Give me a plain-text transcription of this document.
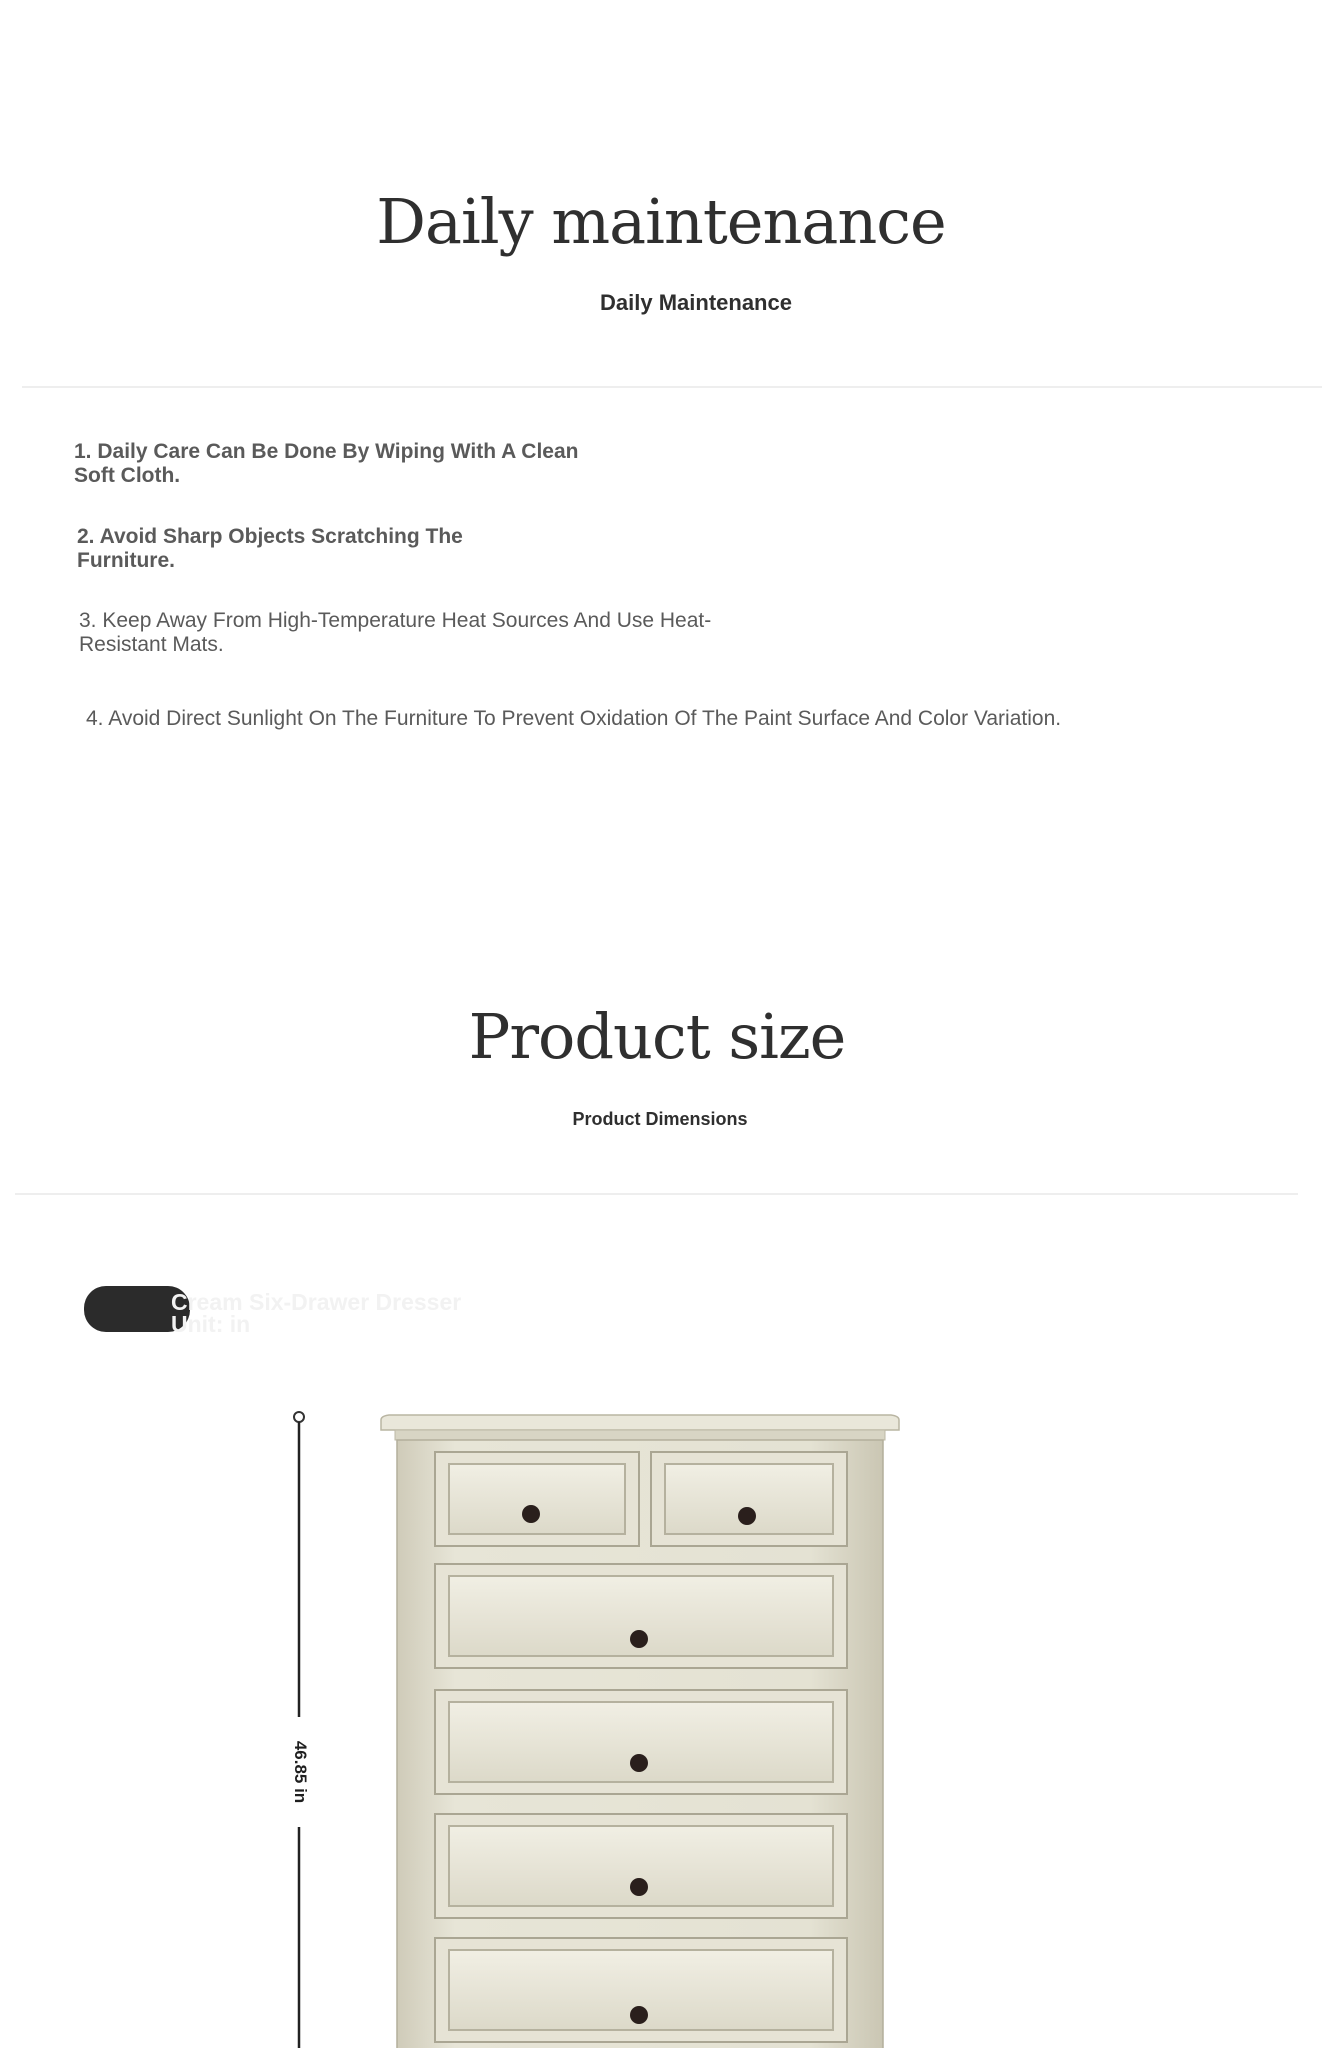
Daily maintenance
Daily Maintenance
1. Daily Care Can Be Done By Wiping With A Clean Soft Cloth.
2. Avoid Sharp Objects Scratching The Furniture.
3. Keep Away From High-Temperature Heat Sources And Use Heat-Resistant Mats.
4. Avoid Direct Sunlight On The Furniture To Prevent Oxidation Of The Paint Surface And Color Variation.
Product size
Product Dimensions
Cream Six-Drawer Dresser
Unit: in
46.85 in
